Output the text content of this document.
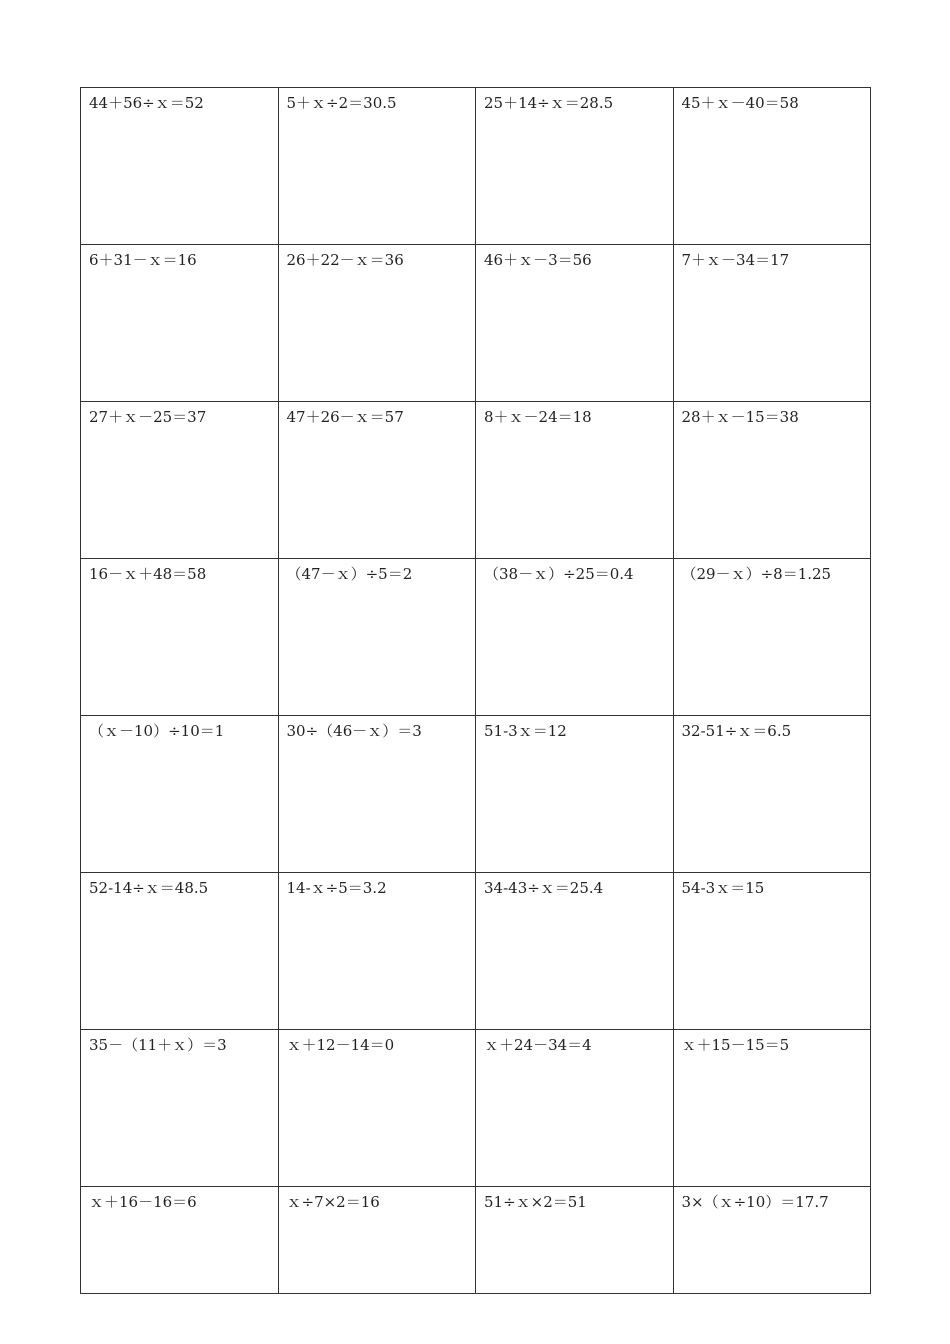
44＋56÷ｘ＝52	5＋ｘ÷2＝30.5	25＋14÷ｘ＝28.5	45＋ｘ－40＝58
6＋31－ｘ＝16	26＋22－ｘ＝36	46＋ｘ－3＝56	7＋ｘ－34＝17
27＋ｘ－25＝37	47＋26－ｘ＝57	8＋ｘ－24＝18	28＋ｘ－15＝38
16－ｘ＋48＝58	（47－ｘ）÷5＝2	（38－ｘ）÷25＝0.4	（29－ｘ）÷8＝1.25
（ｘ－10）÷10＝1	30÷（46－ｘ）＝3	51-3ｘ＝12	32-51÷ｘ＝6.5
52-14÷ｘ＝48.5	14-ｘ÷5＝3.2	34-43÷ｘ＝25.4	54-3ｘ＝15
35－（11＋ｘ）＝3	ｘ＋12－14＝0	ｘ＋24－34＝4	ｘ＋15－15＝5
ｘ＋16－16＝6	ｘ÷7×2＝16	51÷ｘ×2＝51	3×（ｘ÷10）＝17.7
